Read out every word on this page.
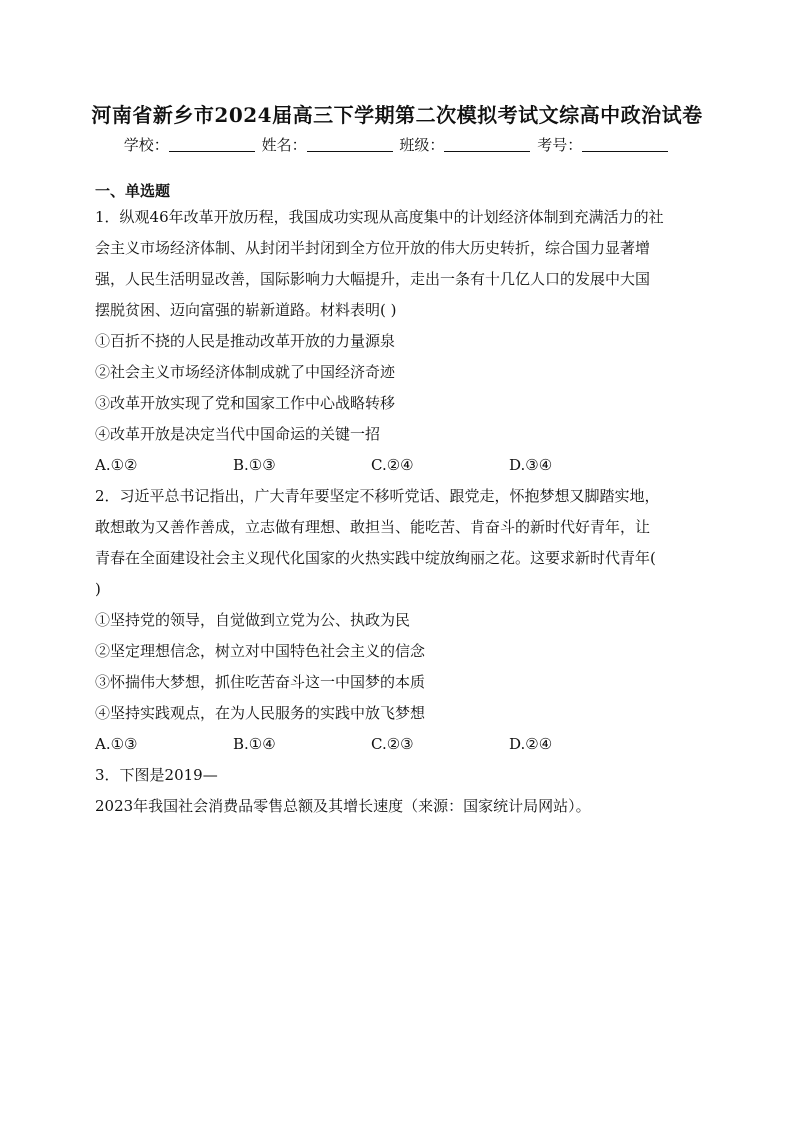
河南省新乡市2024届高三下学期第二次模拟考试文综高中政治试卷
学校：	姓名：	班级：	考号：
一、单选题

1．纵观46年改革开放历程，我国成功实现从高度集中的计划经济体制到充满活力的社

会主义市场经济体制、从封闭半封闭到全方位开放的伟大历史转折，综合国力显著增

强，人民生活明显改善，国际影响力大幅提升，走出一条有十几亿人口的发展中大国

摆脱贫困、迈向富强的崭新道路。材料表明( )

①百折不挠的人民是推动改革开放的力量源泉

②社会主义市场经济体制成就了中国经济奇迹

③改革开放实现了党和国家工作中心战略转移

④改革开放是决定当代中国命运的关键一招

A.①②	B.①③	C.②④	D.③④

2．习近平总书记指出，广大青年要坚定不移听党话、跟党走，怀抱梦想又脚踏实地，

敢想敢为又善作善成，立志做有理想、敢担当、能吃苦、肯奋斗的新时代好青年，让

青春在全面建设社会主义现代化国家的火热实践中绽放绚丽之花。这要求新时代青年(

)

①坚持党的领导，自觉做到立党为公、执政为民

②坚定理想信念，树立对中国特色社会主义的信念

③怀揣伟大梦想，抓住吃苦奋斗这一中国梦的本质

④坚持实践观点，在为人民服务的实践中放飞梦想

A.①③	B.①④	C.②③	D.②④

3．下图是2019—

2023年我国社会消费品零售总额及其增长速度（来源：国家统计局网站）。
